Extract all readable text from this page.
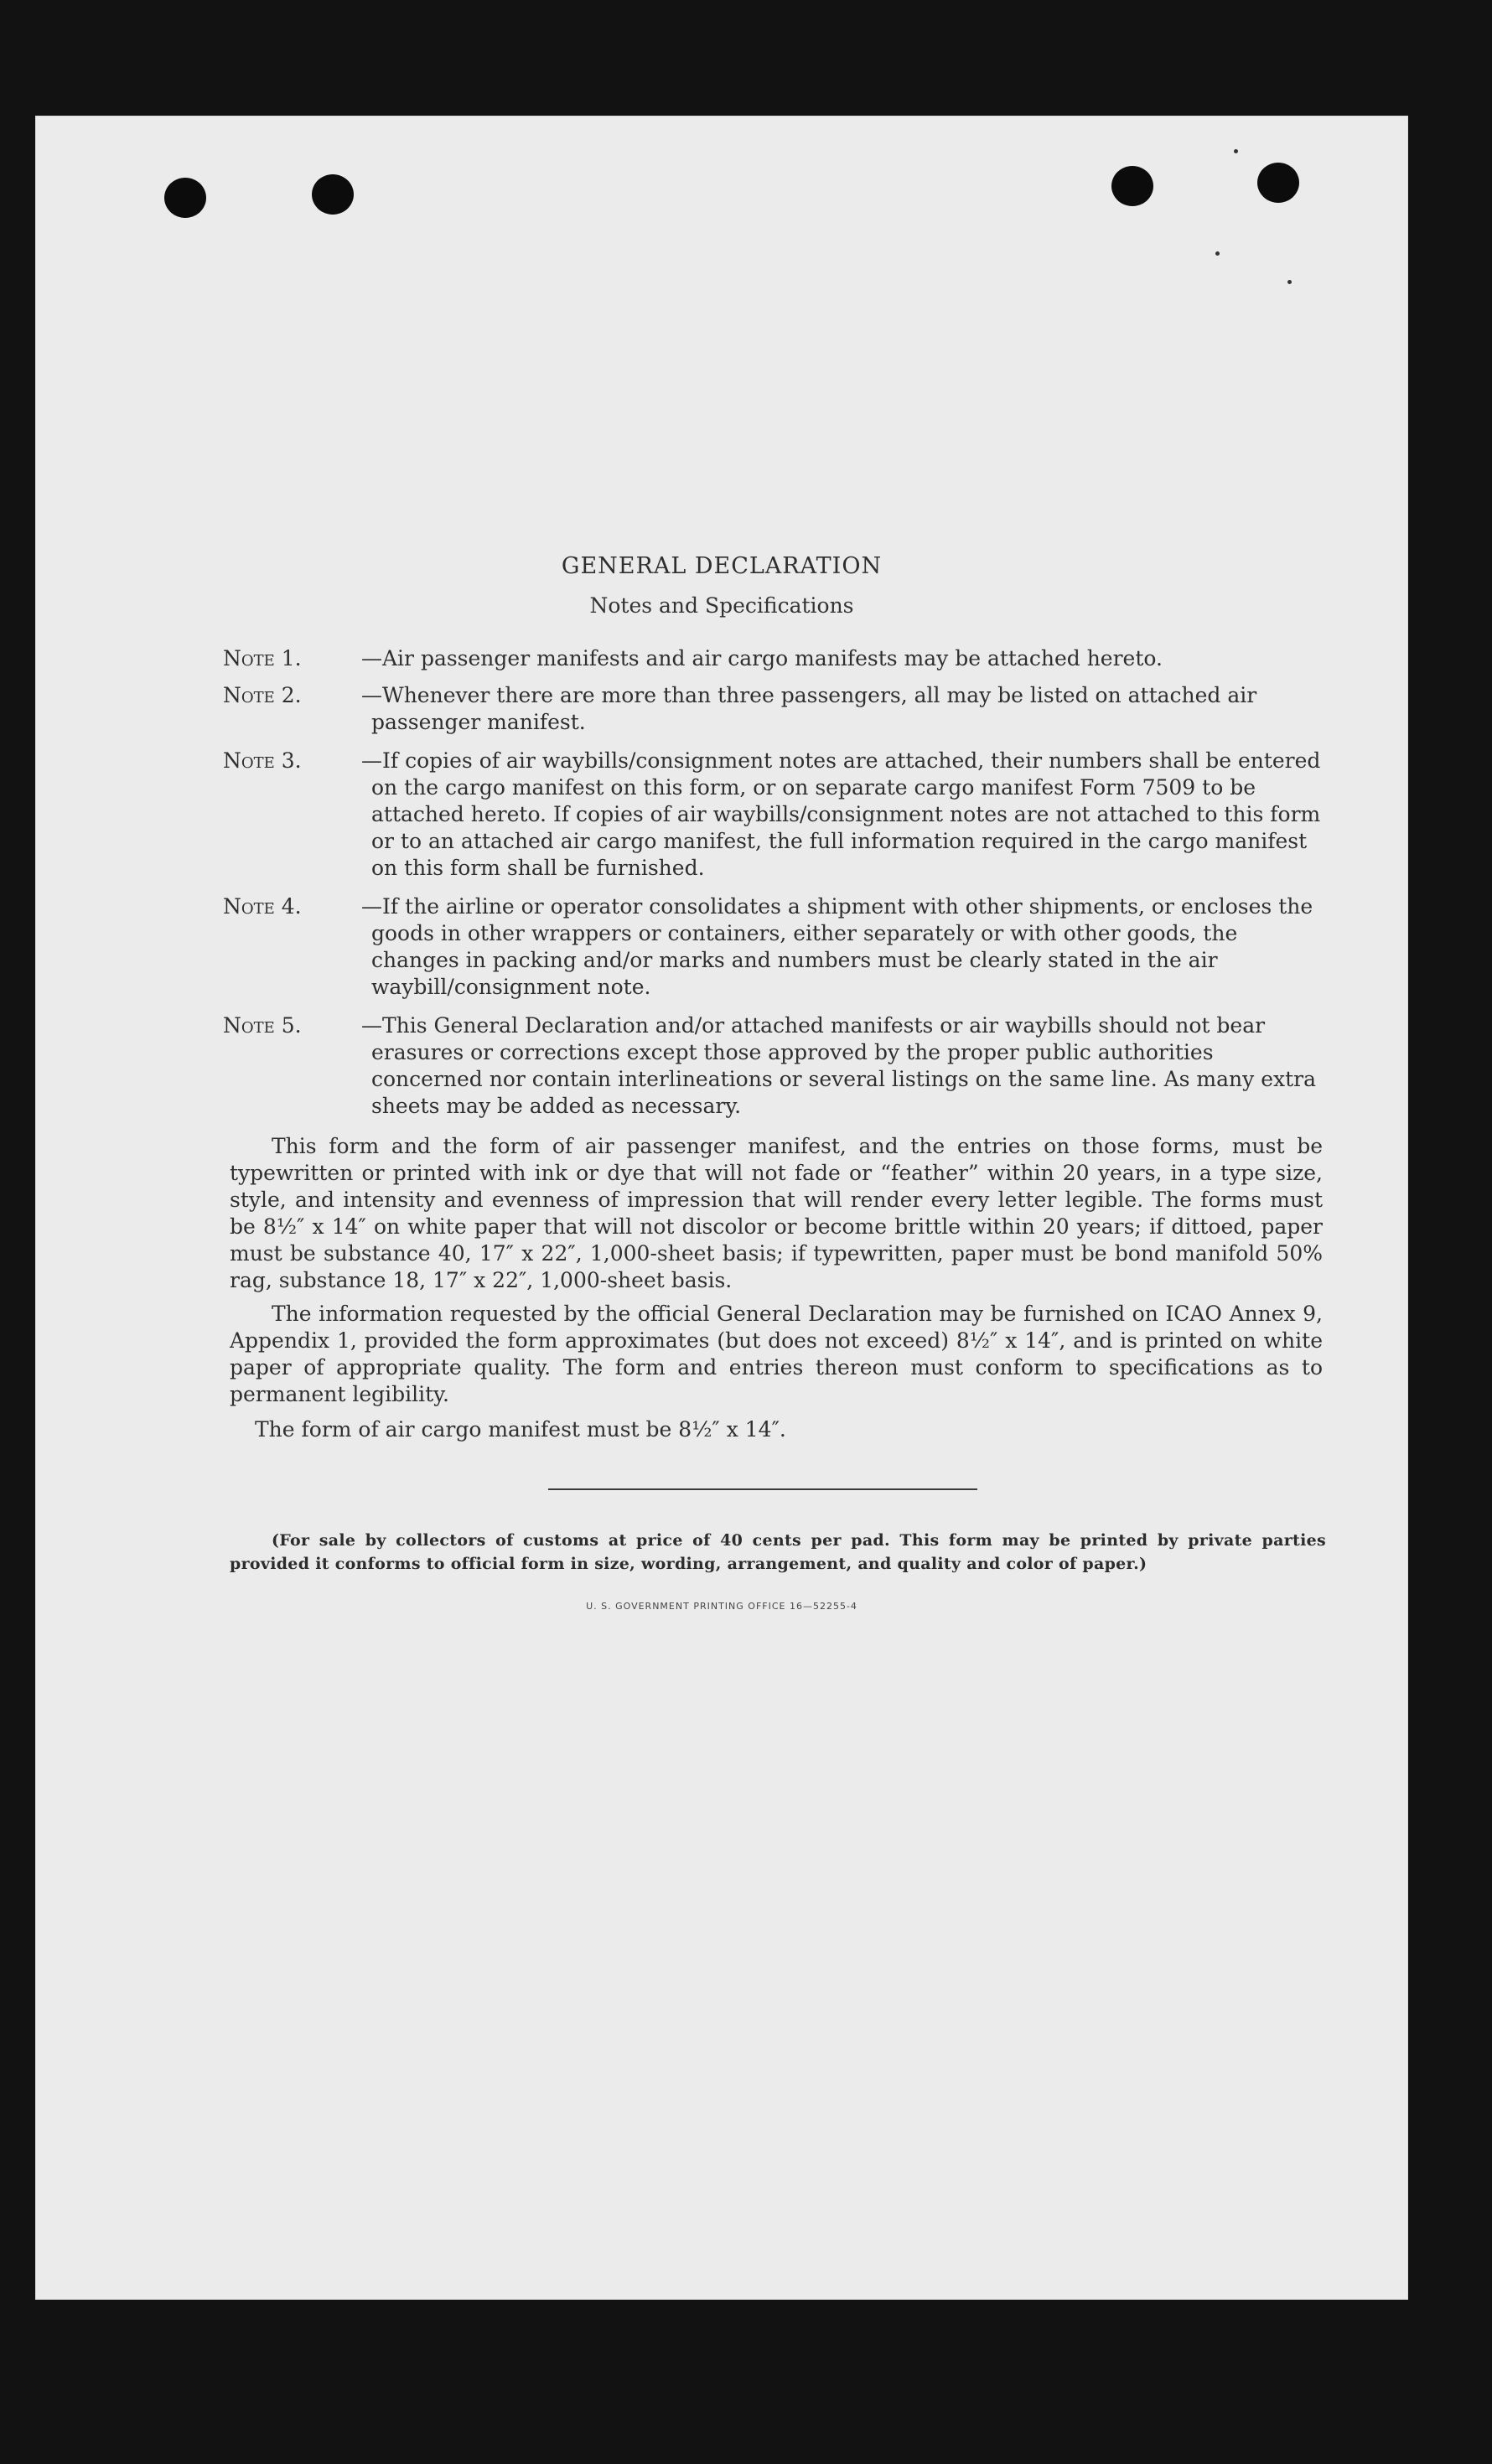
GENERAL DECLARATION
Notes and Specifications
Note 1.	—Air passenger manifests and air cargo manifests may be attached hereto.
Note 2.	—Whenever there are more than three passengers, all may be listed on attached air passenger manifest.
Note 3.	—If copies of air waybills/consignment notes are attached, their numbers shall be entered on the cargo manifest on this form, or on separate cargo manifest Form 7509 to be attached hereto. If copies of air waybills/consignment notes are not attached to this form or to an attached air cargo manifest, the full information required in the cargo manifest on this form shall be furnished.
Note 4.	—If the airline or operator consolidates a shipment with other shipments, or encloses the goods in other wrappers or containers, either separately or with other goods, the changes in packing and/or marks and numbers must be clearly stated in the air waybill/consignment note.
Note 5.	—This General Declaration and/or attached manifests or air waybills should not bear erasures or corrections except those approved by the proper public authorities concerned nor contain interlineations or several listings on the same line. As many extra sheets may be added as necessary.
This form and the form of air passenger manifest, and the entries on those forms, must be typewritten or printed with ink or dye that will not fade or “feather” within 20 years, in a type size, style, and intensity and evenness of impression that will render every letter legible. The forms must be 8½″ x 14″ on white paper that will not discolor or become brittle within 20 years; if dittoed, paper must be substance 40, 17″ x 22″, 1,000-sheet basis; if typewritten, paper must be bond manifold 50% rag, substance 18, 17″ x 22″, 1,000-sheet basis.
The information requested by the official General Declaration may be furnished on ICAO Annex 9, Appendix 1, provided the form approximates (but does not exceed) 8½″ x 14″, and is printed on white paper of appropriate quality. The form and entries thereon must conform to specifications as to permanent legibility.
The form of air cargo manifest must be 8½″ x 14″.
(For sale by collectors of customs at price of 40 cents per pad. This form may be printed by private parties provided it conforms to official form in size, wording, arrangement, and quality and color of paper.)
U. S. GOVERNMENT PRINTING OFFICE 16—52255-4
